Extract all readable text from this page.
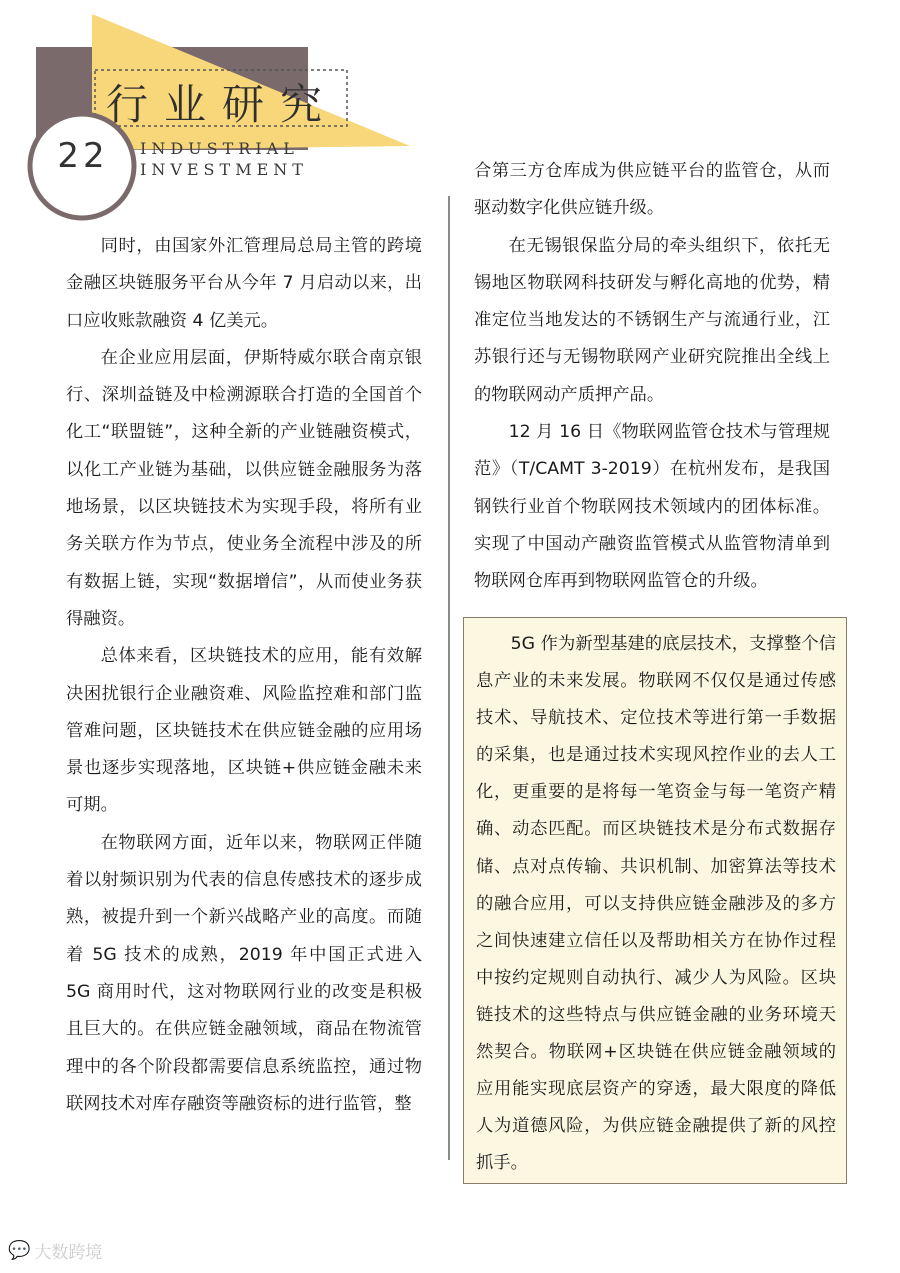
行业研究
INDUSTRIAL
INVESTMENT
22

同时，由国家外汇管理局总局主管的跨境金融区块链服务平台从今年 7 月启动以来，出口应收账款融资 4 亿美元。

在企业应用层面，伊斯特威尔联合南京银行、深圳益链及中检溯源联合打造的全国首个化工“联盟链”，这种全新的产业链融资模式，以化工产业链为基础，以供应链金融服务为落地场景，以区块链技术为实现手段，将所有业务关联方作为节点，使业务全流程中涉及的所有数据上链，实现“数据增信”，从而使业务获得融资。

总体来看，区块链技术的应用，能有效解决困扰银行企业融资难、风险监控难和部门监管难问题，区块链技术在供应链金融的应用场景也逐步实现落地，区块链+供应链金融未来可期。

在物联网方面，近年以来，物联网正伴随着以射频识别为代表的信息传感技术的逐步成熟，被提升到一个新兴战略产业的高度。而随着 5G 技术的成熟，2019 年中国正式进入 5G 商用时代，这对物联网行业的改变是积极且巨大的。在供应链金融领域，商品在物流管理中的各个阶段都需要信息系统监控，通过物联网技术对库存融资等融资标的进行监管，整

合第三方仓库成为供应链平台的监管仓，从而驱动数字化供应链升级。

在无锡银保监分局的牵头组织下，依托无锡地区物联网科技研发与孵化高地的优势，精准定位当地发达的不锈钢生产与流通行业，江苏银行还与无锡物联网产业研究院推出全线上的物联网动产质押产品。

12 月 16 日《物联网监管仓技术与管理规范》（T/CAMT 3-2019）在杭州发布，是我国钢铁行业首个物联网技术领域内的团体标准。实现了中国动产融资监管模式从监管物清单到物联网仓库再到物联网监管仓的升级。

5G 作为新型基建的底层技术，支撑整个信息产业的未来发展。物联网不仅仅是通过传感技术、导航技术、定位技术等进行第一手数据的采集，也是通过技术实现风控作业的去人工化，更重要的是将每一笔资金与每一笔资产精确、动态匹配。而区块链技术是分布式数据存储、点对点传输、共识机制、加密算法等技术的融合应用，可以支持供应链金融涉及的多方之间快速建立信任以及帮助相关方在协作过程中按约定规则自动执行、减少人为风险。区块链技术的这些特点与供应链金融的业务环境天然契合。物联网+区块链在供应链金融领域的应用能实现底层资产的穿透，最大限度的降低人为道德风险，为供应链金融提供了新的风控抓手。

💬 大数跨境
